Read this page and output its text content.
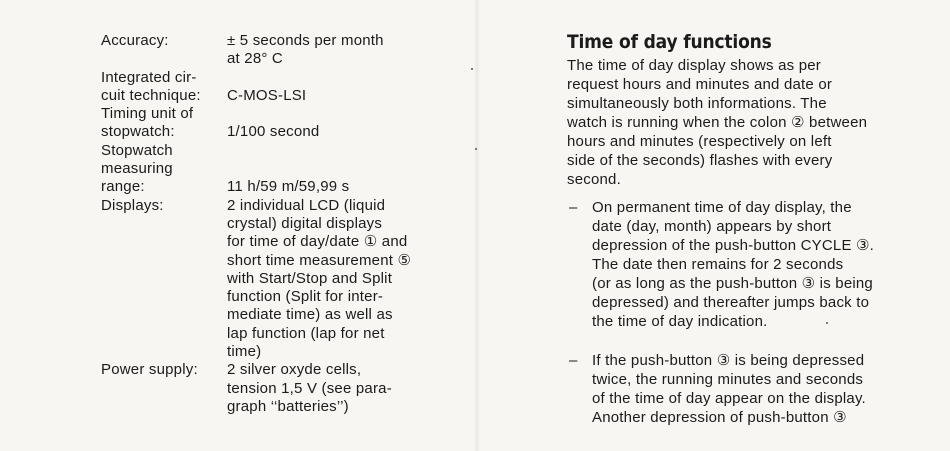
Accuracy:	± 5 seconds per month
at 28° C
Integrated cir-
cuit technique:
	C-MOS-LSI
Timing unit of
stopwatch:
	1/100 second
Stopwatch
measuring
range:

	11 h/59 m/59,99 s
Displays:	2 individual LCD (liquid
crystal) digital displays
for time of day/date ① and
short time measurement ⑤
with Start/Stop and Split
function (Split for inter-
mediate time) as well as
lap function (lap for net
time)
Power supply:	2 silver oxyde cells,
tension 1,5 V (see para-
graph ‘‘batteries’’)
Time of day functions
The time of day display shows as per
request hours and minutes and date or
simultaneously both informations. The
watch is running when the colon ② between
hours and minutes (respectively on left
side of the seconds) flashes with every
second.
– On permanent time of day display, the
date (day, month) appears by short
depression of the push-button CYCLE ③.
The date then remains for 2 seconds
(or as long as the push-button ③ is being
depressed) and thereafter jumps back to
the time of day indication.
– If the push-button ③ is being depressed
twice, the running minutes and seconds
of the time of day appear on the display.
Another depression of push-button ③
